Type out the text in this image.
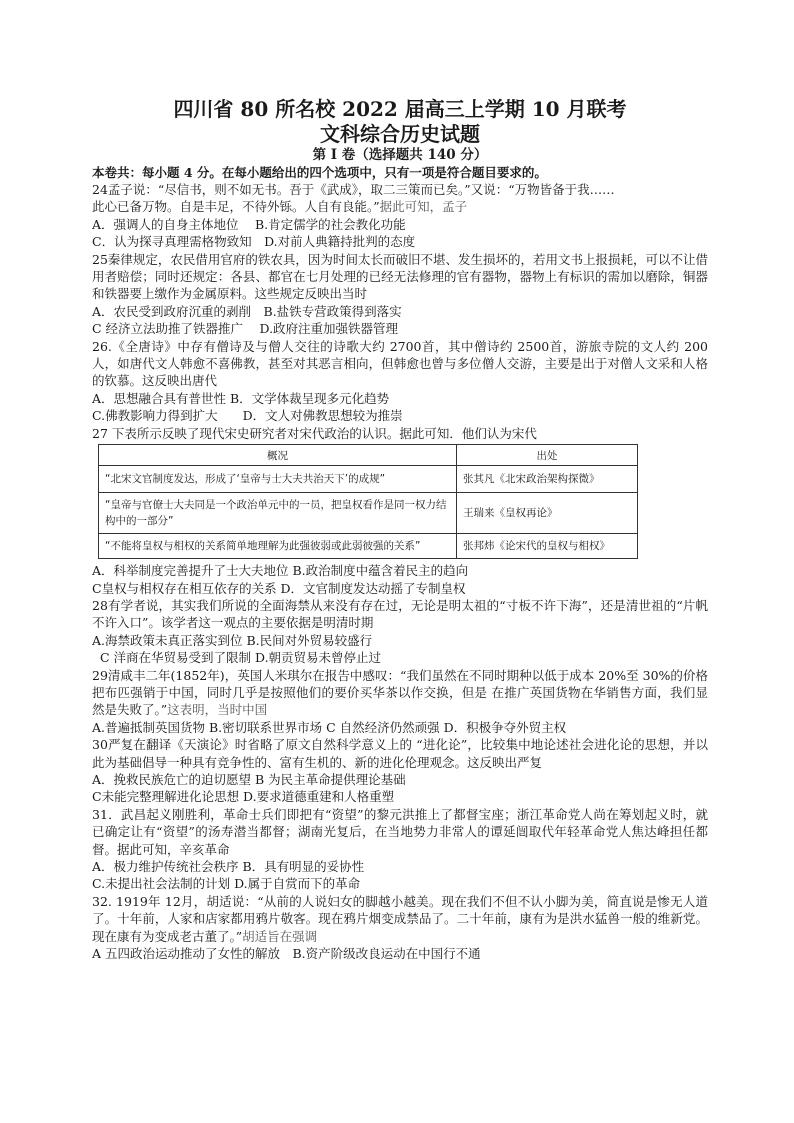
四川省 80 所名校 2022 届高三上学期 10 月联考

文科综合历史试题

第 I 卷（选择题共 140 分）

本卷共：每小题 4 分。在每小题给出的四个选项中，只有一项是符合题目要求的。

24孟子说：“尽信书，则不如无书。吾于《武成》，取二三策而已矣。”又说：“万物皆备于我……

此心已备万物。自是丰足，不待外铄。人自有良能。”据此可知，孟子

A．强调人的自身主体地位　 B.肯定儒学的社会教化功能

C．认为探寻真理需格物致知　D.对前人典籍持批判的态度

25秦律规定，农民借用官府的铁农具，因为时间太长而破旧不堪、发生损坏的，若用文书上报损耗，可以不让借用者赔偿；同时还规定：各县、都官在七月处理的已经无法修理的官有器物，器物上有标识的需加以磨除，铜器和铁器要上缴作为金属原料。这些规定反映出当时

A．农民受到政府沉重的剥削　B.盐铁专营政策得到落实

C 经济立法助推了铁器推广　 D.政府注重加强铁器管理

26.《全唐诗》中存有僧诗及与僧人交往的诗歌大约 2700首，其中僧诗约 2500首，游旅寺院的文人约 200人，如唐代文人韩愈不喜佛教，甚至对其恶言相向，但韩愈也曾与多位僧人交游，主要是出于对僧人文采和人格的钦慕。这反映出唐代

A．思想融合具有普世性 B．文学体裁呈现多元化趋势

C.佛教影响力得到扩大　　D．文人对佛教思想较为推崇

27 下表所示反映了现代宋史研究者对宋代政治的认识。据此可知．他们认为宋代

概况	出处
“北宋文官制度发达，形成了‘皇帝与士大夫共治天下’的成规”	张其凡《北宋政治架构探微》
“皇帝与官僚士大夫同是一个政治单元中的一员，把皇权看作是同一权力结构中的一部分”	王瑞来《皇权再论》
“不能将皇权与相权的关系简单地理解为此强彼弱或此弱彼强的关系”	张邦炜《论宋代的皇权与相权》

A．科举制度完善提升了士大夫地位 B.政治制度中蕴含着民主的趋向

C皇权与相权存在相互依存的关系 D．文官制度发达动摇了专制皇权

28有学者说，其实我们所说的全面海禁从来没有存在过，无论是明太祖的“寸板不许下海”，还是清世祖的“片帆不许入口”。该学者这一观点的主要依据是明清时期

A.海禁政策未真正落实到位 B.民间对外贸易较盛行

C 洋商在华贸易受到了限制 D.朝贡贸易未曾停止过

29清咸丰二年(1852年)，英国人米琪尔在报告中感叹：“我们虽然在不同时期种以低于成本 20%至 30%的价格把布匹强销于中国，同时几乎是按照他们的要价买华茶以作交换，但是 在推广英国货物在华销售方面，我们显然是失败了。”这表明，当时中国

A.普遍抵制英国货物 B.密切联系世界市场 C 自然经济仍然顽强 D．积极争夺外贸主权

30严复在翻译《天演论》时省略了原文自然科学意义上的 “进化论”，比较集中地论述社会进化论的思想，并以此为基础倡导一种具有竞争性的、富有生机的、新的进化伦理观念。这反映出严复

A．挽救民族危亡的迫切愿望 B 为民主革命提供理论基础

C未能完整理解进化论思想 D.要求道德重建和人格重塑

31．武昌起义刚胜利，革命士兵们即把有“资望”的黎元洪推上了都督宝座；浙江革命党人尚在筹划起义时，就已确定让有“资望”的汤寿潜当都督；湖南光复后，在当地势力非常人的谭延闿取代年轻革命党人焦达峰担任都督。据此可知，辛亥革命

A．极力维护传统社会秩序 B．具有明显的妥协性

C.未提出社会法制的计划 D.属于自赏而下的革命

32. 1919年 12月，胡适说：“从前的人说妇女的脚越小越美。现在我们不但不认小脚为美，简直说是惨无人道了。十年前，人家和店家都用鸦片敬客。现在鸦片烟变成禁品了。二十年前，康有为是洪水猛兽一般的维新党。现在康有为变成老古董了。”胡适旨在强调

A 五四政治运动推动了女性的解放　B.资产阶级改良运动在中国行不通
